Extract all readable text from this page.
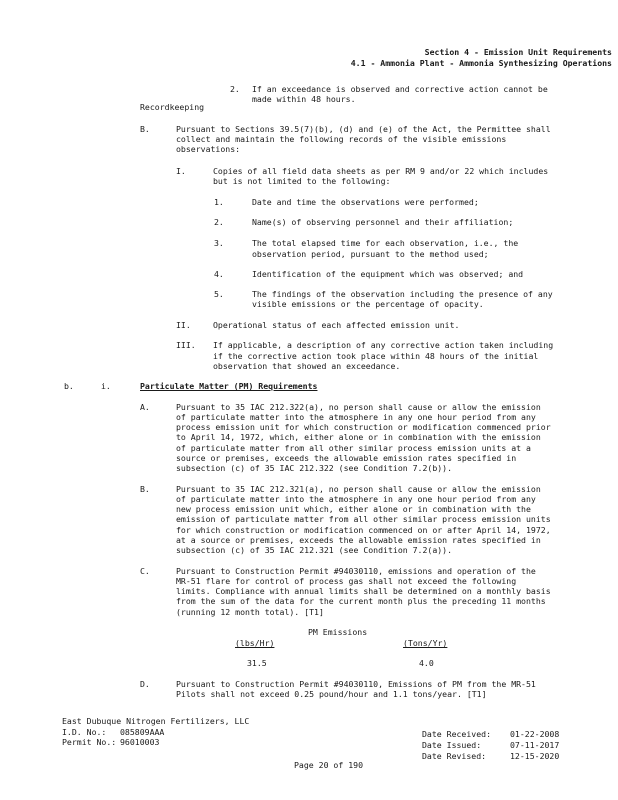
Section 4 - Emission Unit Requirements
4.1 - Ammonia Plant - Ammonia Synthesizing Operations
2. If an exceedance is observed and corrective action cannot be
made within 48 hours.
Recordkeeping
B.	Pursuant to Sections 39.5(7)(b), (d) and (e) of the Act, the Permittee shall
collect and maintain the following records of the visible emissions
observations:
I.	Copies of all field data sheets as per RM 9 and/or 22 which includes
but is not limited to the following:
1.	Date and time the observations were performed;
2.	Name(s) of observing personnel and their affiliation;
3.	The total elapsed time for each observation, i.e., the
observation period, pursuant to the method used;
4.	Identification of the equipment which was observed; and
5.	The findings of the observation including the presence of any
visible emissions or the percentage of opacity.
II.	Operational status of each affected emission unit.
III. If applicable, a description of any corrective action taken including
if the corrective action took place within 48 hours of the initial
observation that showed an exceedance.
b.	i.	Particulate Matter (PM) Requirements
A.	Pursuant to 35 IAC 212.322(a), no person shall cause or allow the emission
of particulate matter into the atmosphere in any one hour period from any
process emission unit for which construction or modification commenced prior
to April 14, 1972, which, either alone or in combination with the emission
of particulate matter from all other similar process emission units at a
source or premises, exceeds the allowable emission rates specified in
subsection (c) of 35 IAC 212.322 (see Condition 7.2(b)).
B.	Pursuant to 35 IAC 212.321(a), no person shall cause or allow the emission
of particulate matter into the atmosphere in any one hour period from any
new process emission unit which, either alone or in combination with the
emission of particulate matter from all other similar process emission units
for which construction or modification commenced on or after April 14, 1972,
at a source or premises, exceeds the allowable emission rates specified in
subsection (c) of 35 IAC 212.321 (see Condition 7.2(a)).
C.	Pursuant to Construction Permit #94030110, emissions and operation of the
MR-51 flare for control of process gas shall not exceed the following
limits. Compliance with annual limits shall be determined on a monthly basis
from the sum of the data for the current month plus the preceding 11 months
(running 12 month total). [T1]
PM Emissions
(lbs/Hr)	(Tons/Yr)
31.5	4.0
D.	Pursuant to Construction Permit #94030110, Emissions of PM from the MR-51
Pilots shall not exceed 0.25 pound/hour and 1.1 tons/year. [T1]
East Dubuque Nitrogen Fertilizers, LLC
I.D. No.: 085809AAA
Permit No.: 96010003
Date Received: 01-22-2008
Date Issued:	07-11-2017
Date Revised:	12-15-2020
Page 20 of 190
